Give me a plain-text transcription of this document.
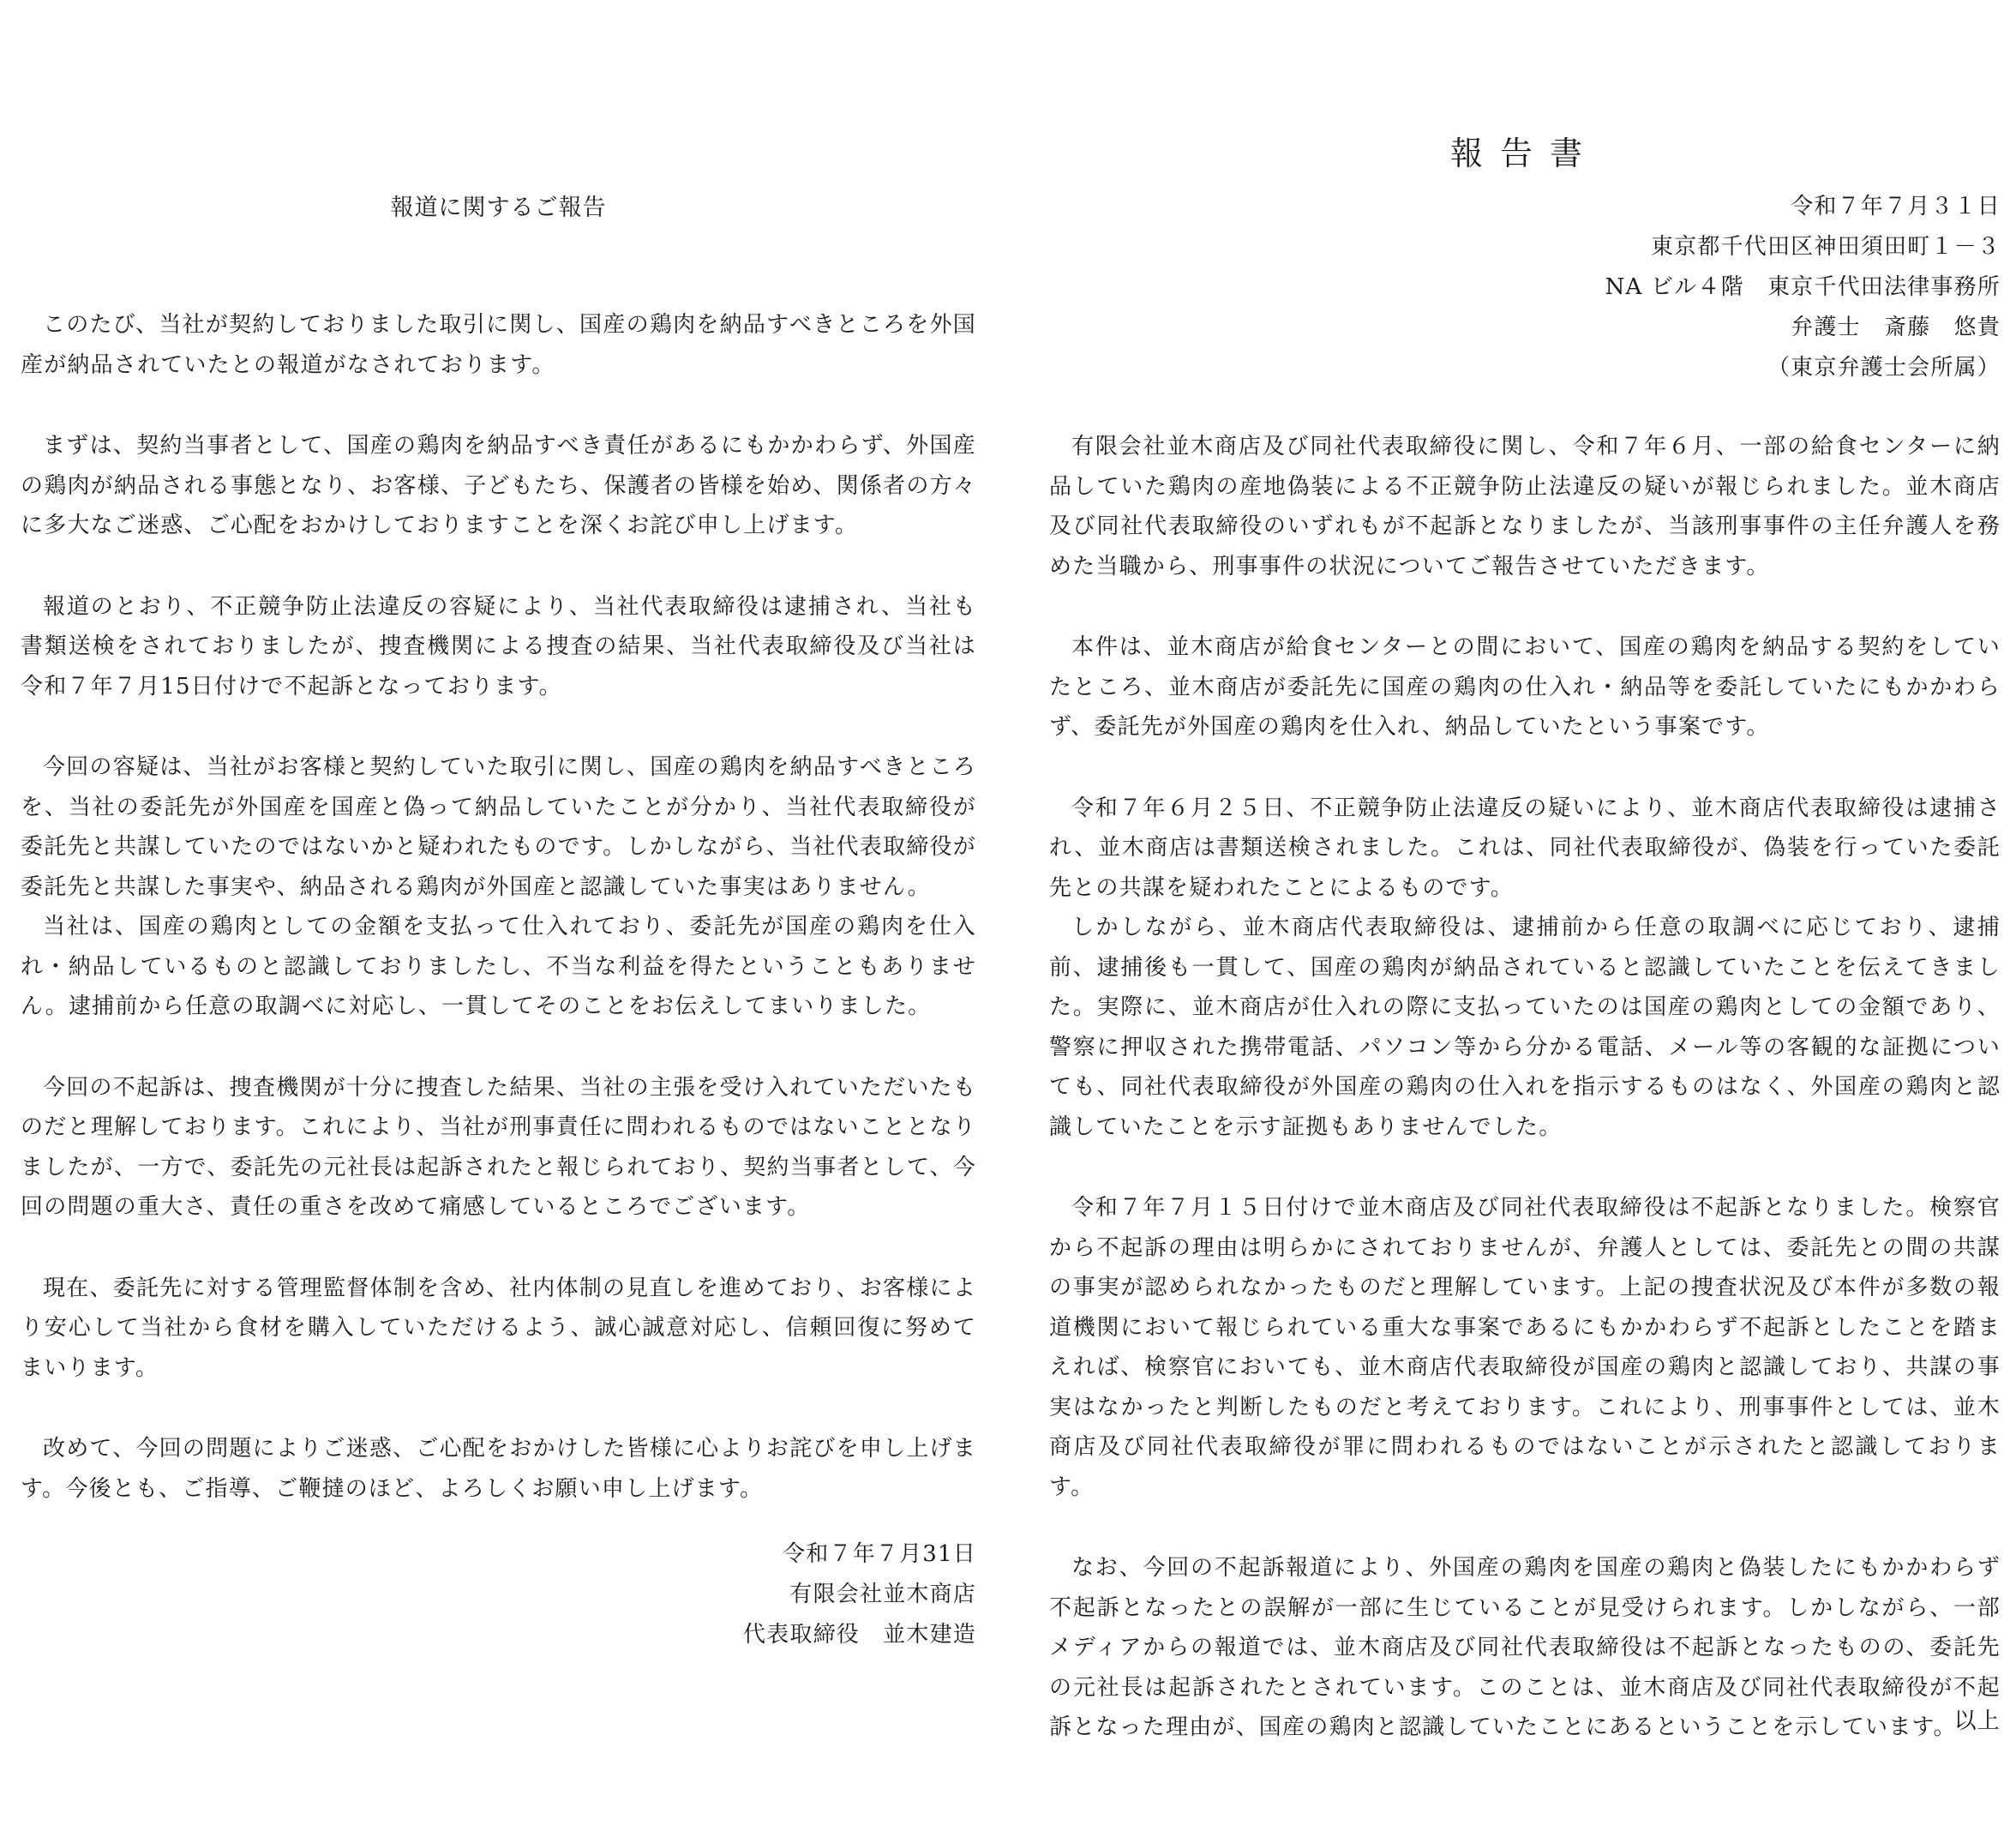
報道に関するご報告

このたび、当社が契約しておりました取引に関し、国産の鶏肉を納品すべきところを外国産が納品されていたとの報道がなされております。

まずは、契約当事者として、国産の鶏肉を納品すべき責任があるにもかかわらず、外国産の鶏肉が納品される事態となり、お客様、子どもたち、保護者の皆様を始め、関係者の方々に多大なご迷惑、ご心配をおかけしておりますことを深くお詫び申し上げます。

報道のとおり、不正競争防止法違反の容疑により、当社代表取締役は逮捕され、当社も書類送検をされておりましたが、捜査機関による捜査の結果、当社代表取締役及び当社は令和７年７月15日付けで不起訴となっております。

今回の容疑は、当社がお客様と契約していた取引に関し、国産の鶏肉を納品すべきところを、当社の委託先が外国産を国産と偽って納品していたことが分かり、当社代表取締役が委託先と共謀していたのではないかと疑われたものです。しかしながら、当社代表取締役が委託先と共謀した事実や、納品される鶏肉が外国産と認識していた事実はありません。

当社は、国産の鶏肉としての金額を支払って仕入れており、委託先が国産の鶏肉を仕入れ・納品しているものと認識しておりましたし、不当な利益を得たということもありません。逮捕前から任意の取調べに対応し、一貫してそのことをお伝えしてまいりました。

今回の不起訴は、捜査機関が十分に捜査した結果、当社の主張を受け入れていただいたものだと理解しております。これにより、当社が刑事責任に問われるものではないこととなりましたが、一方で、委託先の元社長は起訴されたと報じられており、契約当事者として、今回の問題の重大さ、責任の重さを改めて痛感しているところでございます。

現在、委託先に対する管理監督体制を含め、社内体制の見直しを進めており、お客様により安心して当社から食材を購入していただけるよう、誠心誠意対応し、信頼回復に努めてまいります。

改めて、今回の問題によりご迷惑、ご心配をおかけした皆様に心よりお詫びを申し上げます。今後とも、ご指導、ご鞭撻のほど、よろしくお願い申し上げます。

令和７年７月31日
有限会社並木商店
代表取締役　並木建造
報告書
令和７年７月３１日
東京都千代田区神田須田町１－３
NA ビル４階　東京千代田法律事務所
弁護士　斎藤　悠貴
（東京弁護士会所属）

有限会社並木商店及び同社代表取締役に関し、令和７年６月、一部の給食センターに納品していた鶏肉の産地偽装による不正競争防止法違反の疑いが報じられました。並木商店及び同社代表取締役のいずれもが不起訴となりましたが、当該刑事事件の主任弁護人を務めた当職から、刑事事件の状況についてご報告させていただきます。

本件は、並木商店が給食センターとの間において、国産の鶏肉を納品する契約をしていたところ、並木商店が委託先に国産の鶏肉の仕入れ・納品等を委託していたにもかかわらず、委託先が外国産の鶏肉を仕入れ、納品していたという事案です。

令和７年６月２５日、不正競争防止法違反の疑いにより、並木商店代表取締役は逮捕され、並木商店は書類送検されました。これは、同社代表取締役が、偽装を行っていた委託先との共謀を疑われたことによるものです。

しかしながら、並木商店代表取締役は、逮捕前から任意の取調べに応じており、逮捕前、逮捕後も一貫して、国産の鶏肉が納品されていると認識していたことを伝えてきました。実際に、並木商店が仕入れの際に支払っていたのは国産の鶏肉としての金額であり、警察に押収された携帯電話、パソコン等から分かる電話、メール等の客観的な証拠についても、同社代表取締役が外国産の鶏肉の仕入れを指示するものはなく、外国産の鶏肉と認識していたことを示す証拠もありませんでした。

令和７年７月１５日付けで並木商店及び同社代表取締役は不起訴となりました。検察官から不起訴の理由は明らかにされておりませんが、弁護人としては、委託先との間の共謀の事実が認められなかったものだと理解しています。上記の捜査状況及び本件が多数の報道機関において報じられている重大な事案であるにもかかわらず不起訴としたことを踏まえれば、検察官においても、並木商店代表取締役が国産の鶏肉と認識しており、共謀の事実はなかったと判断したものだと考えております。これにより、刑事事件としては、並木商店及び同社代表取締役が罪に問われるものではないことが示されたと認識しております。

なお、今回の不起訴報道により、外国産の鶏肉を国産の鶏肉と偽装したにもかかわらず不起訴となったとの誤解が一部に生じていることが見受けられます。しかしながら、一部メディアからの報道では、並木商店及び同社代表取締役は不起訴となったものの、委託先の元社長は起訴されたとされています。このことは、並木商店及び同社代表取締役が不起訴となった理由が、国産の鶏肉と認識していたことにあるということを示しています。

以上
